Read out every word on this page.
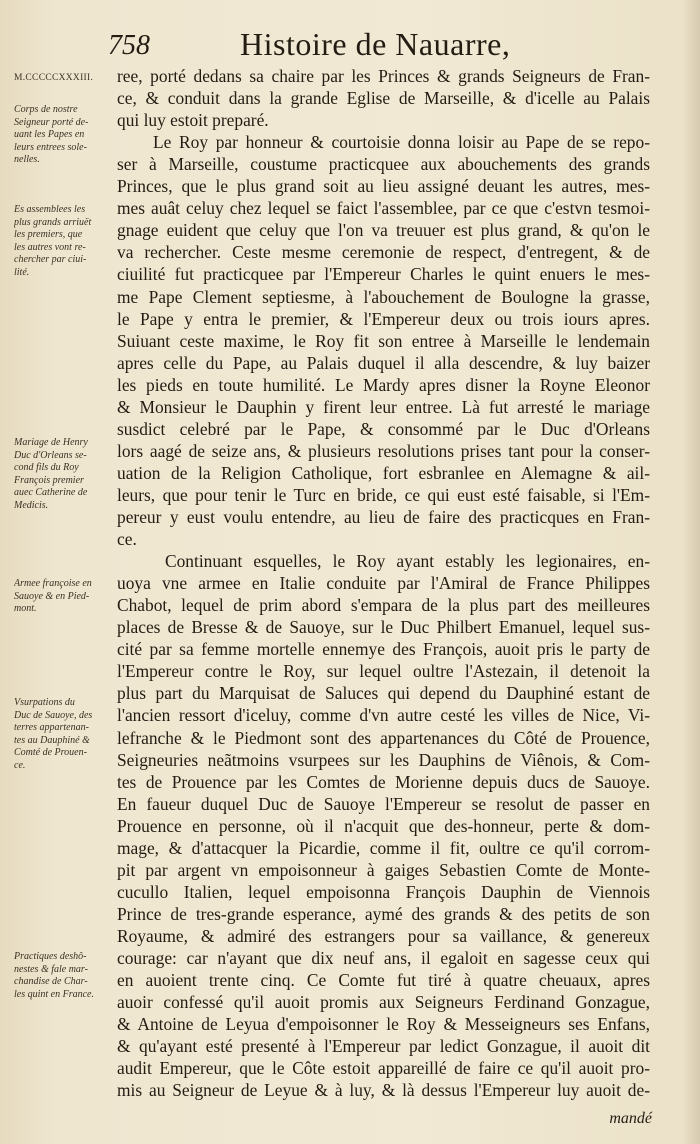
758	Histoire de Nauarre,
M.CCCCCXXXIII.
Corps de nostre
Seigneur porté de-
uant les Papes en
leurs entrees sole-
nelles.
Es assemblees les
plus grands arriuët
les premiers, que
les autres vont re-
chercher par ciui-
lité.
Mariage de Henry
Duc d'Orleans se-
cond fils du Roy
François premier
auec Catherine de
Medicis.
Armee françoise en
Sauoye & en Pied-
mont.
Vsurpations du
Duc de Sauoye, des
terres appartenan-
tes au Dauphiné &
Comté de Prouen-
ce.
Practiques deshô-
nestes & fale mar-
chandise de Char-
les quint en France.
ree, porté dedans sa chaire par les Princes & grands Seigneurs de Fran-
ce, & conduit dans la grande Eglise de Marseille, & d'icelle au Palais
qui luy estoit preparé.
Le Roy par honneur & courtoisie donna loisir au Pape de se repo-
ser à Marseille, coustume practicquee aux abouchements des grands
Princes, que le plus grand soit au lieu assigné deuant les autres, mes-
mes auât celuy chez lequel se faict l'assemblee, par ce que c'estvn tesmoi-
gnage euident que celuy que l'on va treuuer est plus grand, & qu'on le
va rechercher. Ceste mesme ceremonie de respect, d'entregent, & de
ciuilité fut practicquee par l'Empereur Charles le quint enuers le mes-
me Pape Clement septiesme, à l'abouchement de Boulogne la grasse,
le Pape y entra le premier, & l'Empereur deux ou trois iours apres.
Suiuant ceste maxime, le Roy fit son entree à Marseille le lendemain
apres celle du Pape, au Palais duquel il alla descendre, & luy baizer
les pieds en toute humilité. Le Mardy apres disner la Royne Eleonor
& Monsieur le Dauphin y firent leur entree. Là fut arresté le mariage
susdict celebré par le Pape, & consommé par le Duc d'Orleans
lors aagé de seize ans, & plusieurs resolutions prises tant pour la conser-
uation de la Religion Catholique, fort esbranlee en Alemagne & ail-
leurs, que pour tenir le Turc en bride, ce qui eust esté faisable, si l'Em-
pereur y eust voulu entendre, au lieu de faire des practicques en Fran-
ce.
Continuant esquelles, le Roy ayant estably les legionaires, en-
uoya vne armee en Italie conduite par l'Amiral de France Philippes
Chabot, lequel de prim abord s'empara de la plus part des meilleures
places de Bresse & de Sauoye, sur le Duc Philbert Emanuel, lequel sus-
cité par sa femme mortelle ennemye des François, auoit pris le party de
l'Empereur contre le Roy, sur lequel oultre l'Astezain, il detenoit la
plus part du Marquisat de Saluces qui depend du Dauphiné estant de
l'ancien ressort d'iceluy, comme d'vn autre cesté les villes de Nice, Vi-
lefranche & le Piedmont sont des appartenances du Côté de Prouence,
Seigneuries neãtmoins vsurpees sur les Dauphins de Viênois, & Com-
tes de Prouence par les Comtes de Morienne depuis ducs de Sauoye.
En faueur duquel Duc de Sauoye l'Empereur se resolut de passer en
Prouence en personne, où il n'acquit que des-honneur, perte & dom-
mage, & d'attacquer la Picardie, comme il fit, oultre ce qu'il corrom-
pit par argent vn empoisonneur à gaiges Sebastien Comte de Monte-
cucullo Italien, lequel empoisonna François Dauphin de Viennois
Prince de tres-grande esperance, aymé des grands & des petits de son
Royaume, & admiré des estrangers pour sa vaillance, & genereux
courage: car n'ayant que dix neuf ans, il egaloit en sagesse ceux qui
en auoient trente cinq. Ce Comte fut tiré à quatre cheuaux, apres
auoir confessé qu'il auoit promis aux Seigneurs Ferdinand Gonzague,
& Antoine de Leyua d'empoisonner le Roy & Messeigneurs ses Enfans,
& qu'ayant esté presenté à l'Empereur par ledict Gonzague, il auoit dit
audit Empereur, que le Côte estoit appareillé de faire ce qu'il auoit pro-
mis au Seigneur de Leyue & à luy, & là dessus l'Empereur luy auoit de-
mandé
